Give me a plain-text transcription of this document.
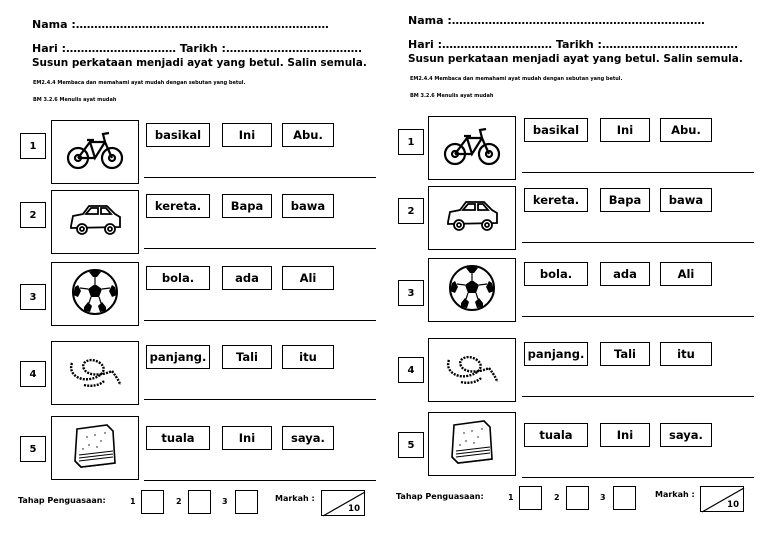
Nama :……………………………………………………………
Hari :………………………… Tarikh :……………………………….
Susun perkataan menjadi ayat yang betul. Salin semula.
EM2.4.4 Membaca dan memahami ayat mudah dengan sebutan yang betul.
BM 3.2.6 Menulis ayat mudah
Tahap Penguasaan:	1	2	3	Markah :
10
1
basikal	Ini	Abu.
2
kereta.	Bapa	bawa
3
bola.	ada	Ali
4
panjang.	Tali	itu
5
tuala	Ini	saya.
Nama :……………………………………………………………
Hari :………………………… Tarikh :……………………………….
Susun perkataan menjadi ayat yang betul. Salin semula.
EM2.4.4 Membaca dan memahami ayat mudah dengan sebutan yang betul.
BM 3.2.6 Menulis ayat mudah
Tahap Penguasaan:	1	2	3	Markah :
10
1
basikal	Ini	Abu.
2
kereta.	Bapa	bawa
3
bola.	ada	Ali
4
panjang.	Tali	itu
5
tuala	Ini	saya.
